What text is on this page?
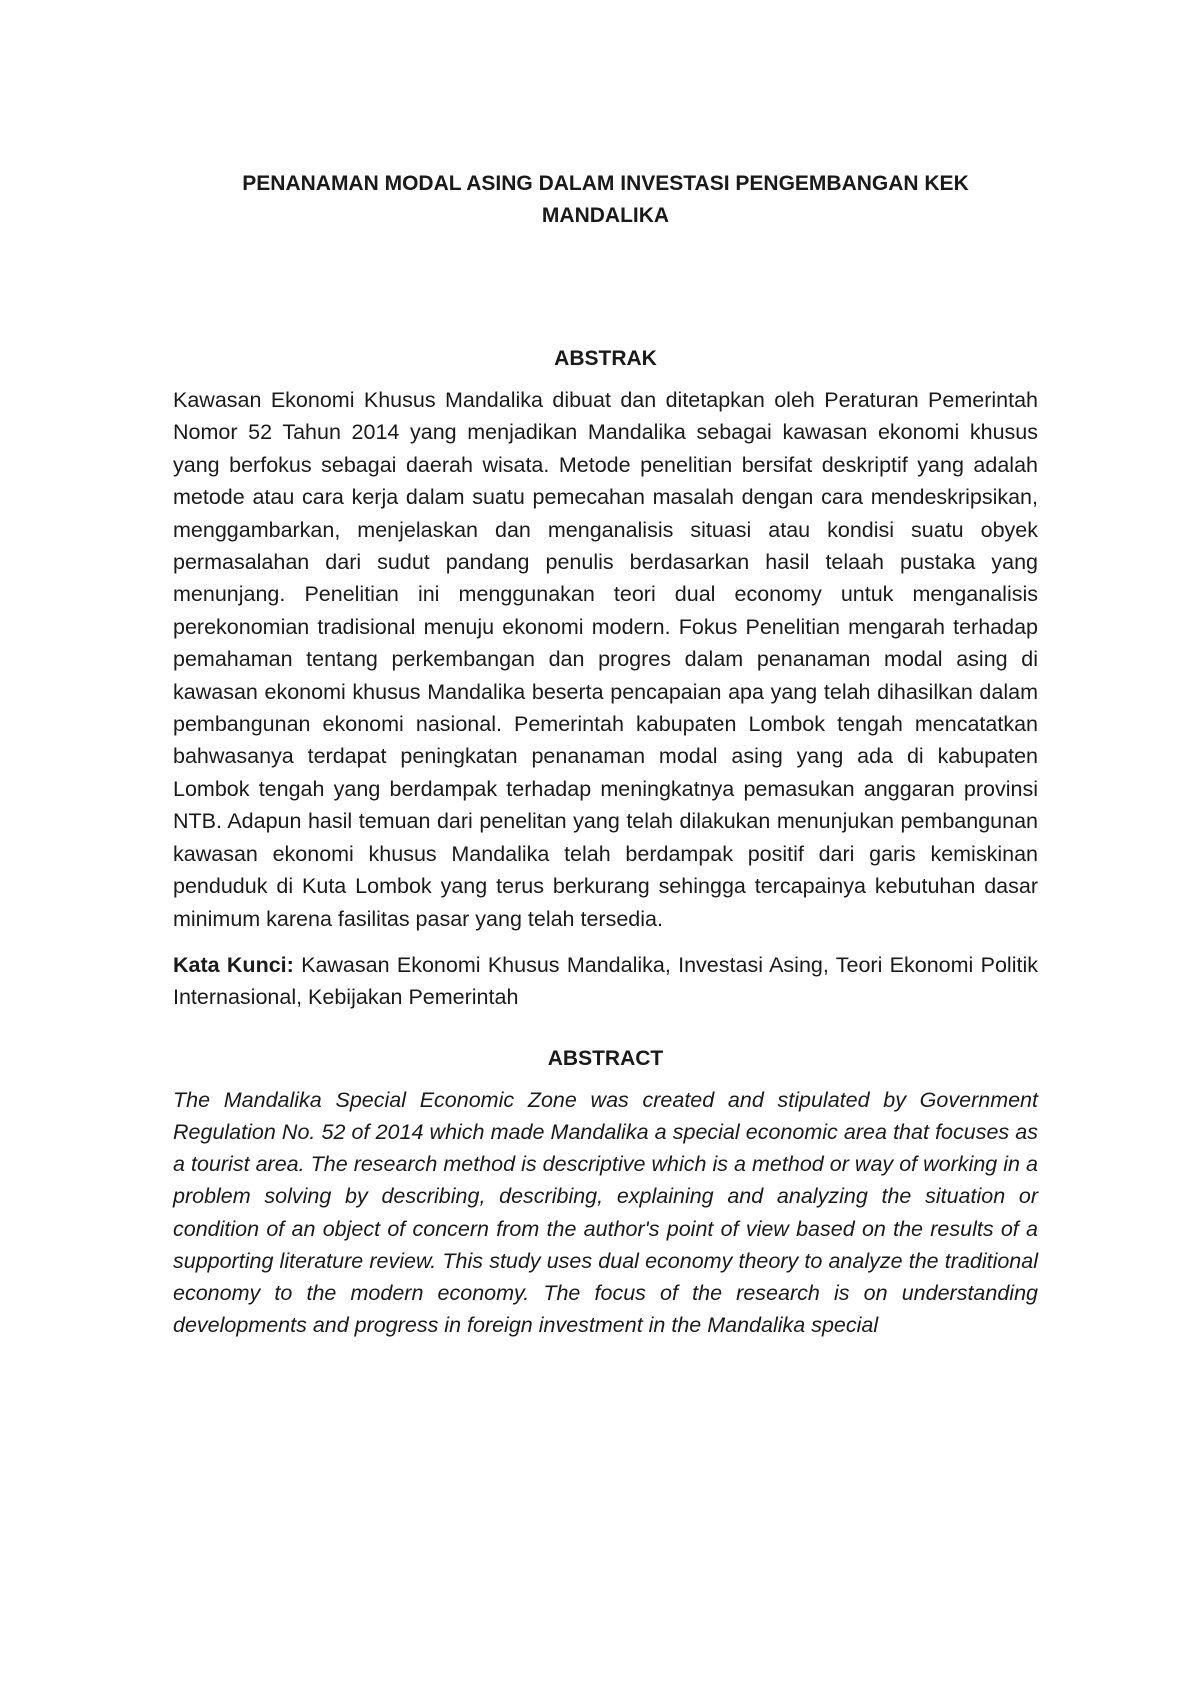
PENANAMAN MODAL ASING DALAM INVESTASI PENGEMBANGAN KEK
MANDALIKA
ABSTRAK

Kawasan Ekonomi Khusus Mandalika dibuat dan ditetapkan oleh Peraturan Pemerintah Nomor 52 Tahun 2014 yang menjadikan Mandalika sebagai kawasan ekonomi khusus yang berfokus sebagai daerah wisata. Metode penelitian bersifat deskriptif yang adalah metode atau cara kerja dalam suatu pemecahan masalah dengan cara mendeskripsikan, menggambarkan, menjelaskan dan menganalisis situasi atau kondisi suatu obyek permasalahan dari sudut pandang penulis berdasarkan hasil telaah pustaka yang menunjang. Penelitian ini menggunakan teori dual economy untuk menganalisis perekonomian tradisional menuju ekonomi modern. Fokus Penelitian mengarah terhadap pemahaman tentang perkembangan dan progres dalam penanaman modal asing di kawasan ekonomi khusus Mandalika beserta pencapaian apa yang telah dihasilkan dalam pembangunan ekonomi nasional. Pemerintah kabupaten Lombok tengah mencatatkan bahwasanya terdapat peningkatan penanaman modal asing yang ada di kabupaten Lombok tengah yang berdampak terhadap meningkatnya pemasukan anggaran provinsi NTB. Adapun hasil temuan dari penelitan yang telah dilakukan menunjukan pembangunan kawasan ekonomi khusus Mandalika telah berdampak positif dari garis kemiskinan penduduk di Kuta Lombok yang terus berkurang sehingga tercapainya kebutuhan dasar minimum karena fasilitas pasar yang telah tersedia.

Kata Kunci: Kawasan Ekonomi Khusus Mandalika, Investasi Asing, Teori Ekonomi Politik Internasional, Kebijakan Pemerintah

ABSTRACT

The Mandalika Special Economic Zone was created and stipulated by Government Regulation No. 52 of 2014 which made Mandalika a special economic area that focuses as a tourist area. The research method is descriptive which is a method or way of working in a problem solving by describing, describing, explaining and analyzing the situation or condition of an object of concern from the author's point of view based on the results of a supporting literature review. This study uses dual economy theory to analyze the traditional economy to the modern economy. The focus of the research is on understanding developments and progress in foreign investment in the Mandalika special
